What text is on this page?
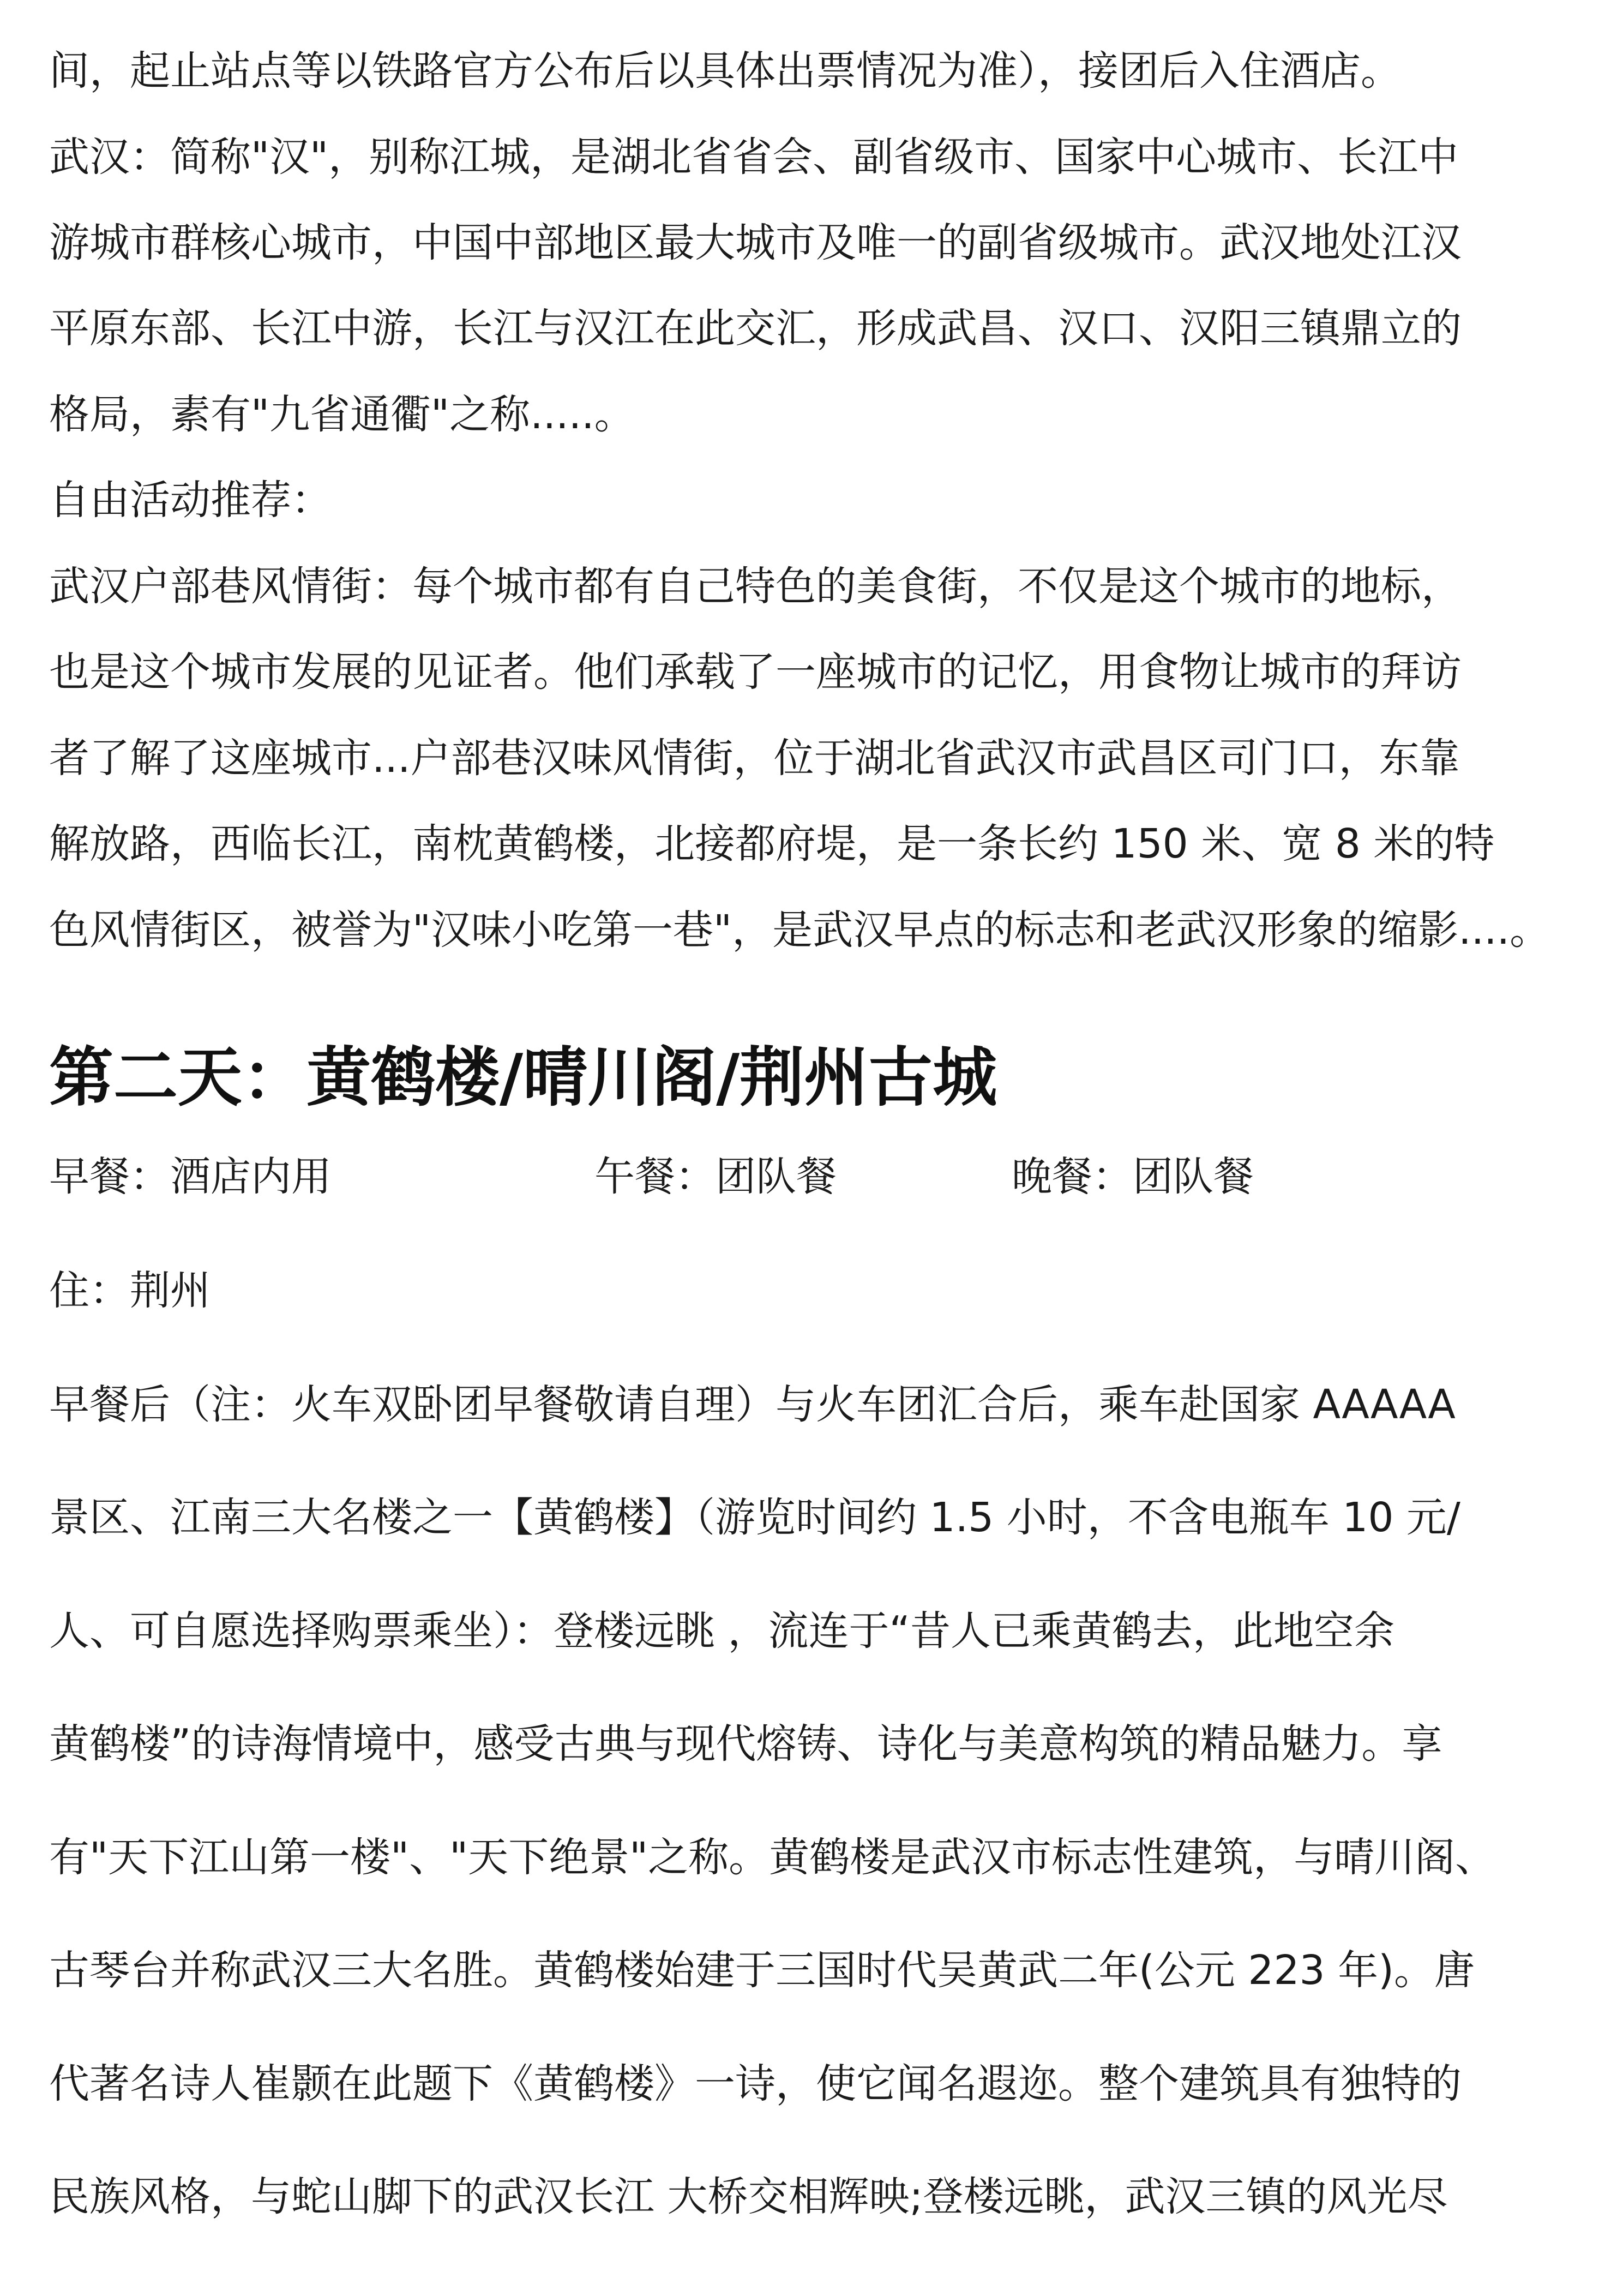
间，起止站点等以铁路官方公布后以具体出票情况为准），接团后入住酒店。
武汉：简称"汉"，别称江城，是湖北省省会、副省级市、国家中心城市、长江中
游城市群核心城市，中国中部地区最大城市及唯一的副省级城市。武汉地处江汉
平原东部、长江中游，长江与汉江在此交汇，形成武昌、汉口、汉阳三镇鼎立的
格局，素有"九省通衢"之称.....。
自由活动推荐：
武汉户部巷风情街：每个城市都有自己特色的美食街，不仅是这个城市的地标，
也是这个城市发展的见证者。他们承载了一座城市的记忆，用食物让城市的拜访
者了解了这座城市...户部巷汉味风情街，位于湖北省武汉市武昌区司门口，东靠
解放路，西临长江，南枕黄鹤楼，北接都府堤，是一条长约 150 米、宽 8 米的特
色风情街区，被誉为"汉味小吃第一巷"，是武汉早点的标志和老武汉形象的缩影....。
第二天：黄鹤楼/晴川阁/荆州古城
早餐：酒店内用	午餐：团队餐	晚餐：团队餐
住：荆州
早餐后（注：火车双卧团早餐敬请自理）与火车团汇合后，乘车赴国家 AAAAA
景区、江南三大名楼之一【黄鹤楼】（游览时间约 1.5 小时，不含电瓶车 10 元/
人、可自愿选择购票乘坐）：登楼远眺 ，流连于“昔人已乘黄鹤去，此地空余
黄鹤楼”的诗海情境中，感受古典与现代熔铸、诗化与美意构筑的精品魅力。享
有"天下江山第一楼"、"天下绝景"之称。黄鹤楼是武汉市标志性建筑，与晴川阁、
古琴台并称武汉三大名胜。黄鹤楼始建于三国时代吴黄武二年(公元 223 年)。唐
代著名诗人崔颢在此题下《黄鹤楼》一诗，使它闻名遐迩。整个建筑具有独特的
民族风格，与蛇山脚下的武汉长江 大桥交相辉映;登楼远眺，武汉三镇的风光尽
